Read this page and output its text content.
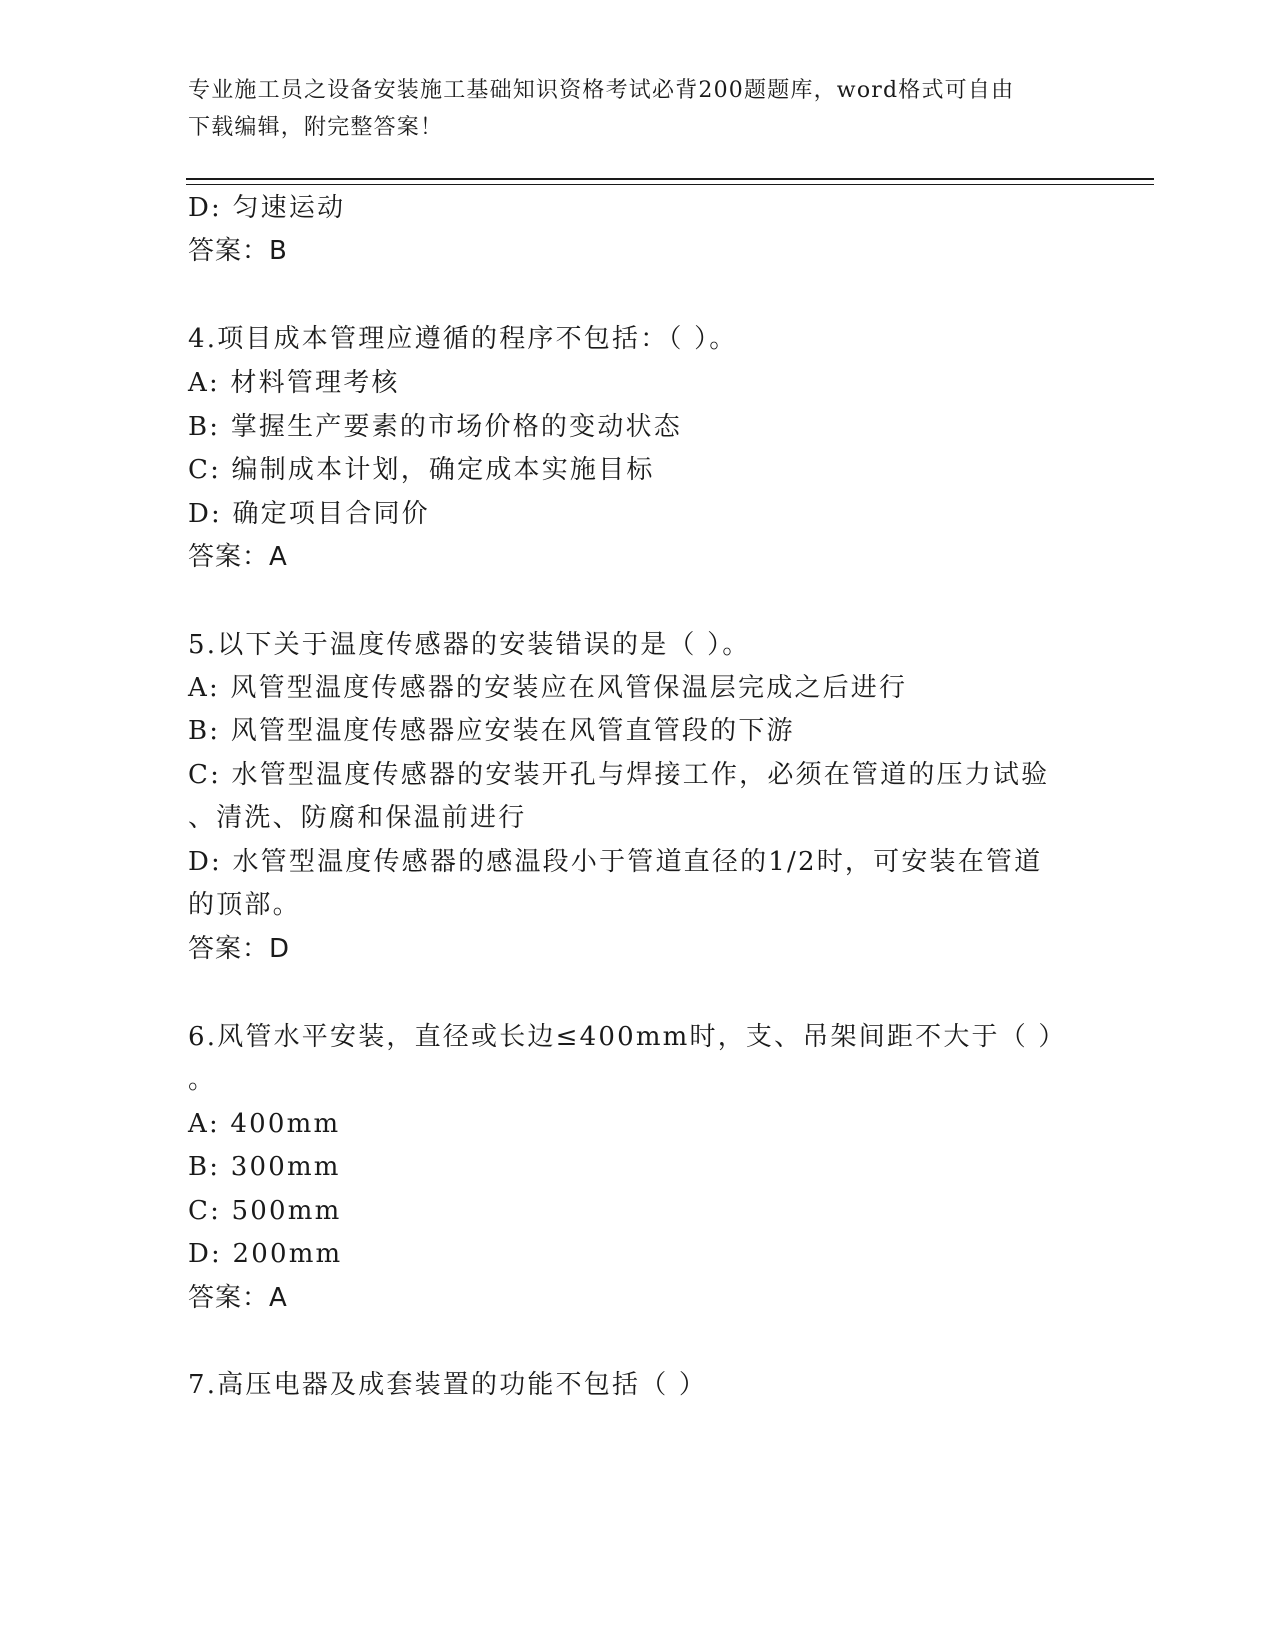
专业施工员之设备安装施工基础知识资格考试必背200题题库，word格式可自由
下载编辑，附完整答案！
D: 匀速运动
答案：B
4.项目成本管理应遵循的程序不包括：（ ）。
A: 材料管理考核
B: 掌握生产要素的市场价格的变动状态
C: 编制成本计划，确定成本实施目标
D: 确定项目合同价
答案：A
5.以下关于温度传感器的安装错误的是（ ）。
A: 风管型温度传感器的安装应在风管保温层完成之后进行
B: 风管型温度传感器应安装在风管直管段的下游
C: 水管型温度传感器的安装开孔与焊接工作，必须在管道的压力试验
、清洗、防腐和保温前进行
D: 水管型温度传感器的感温段小于管道直径的1/2时，可安装在管道
的顶部。
答案：D
6.风管水平安装，直径或长边≤400mm时，支、吊架间距不大于（ ）
。
A: 400mm
B: 300mm
C: 500mm
D: 200mm
答案：A
7.高压电器及成套装置的功能不包括（ ）
